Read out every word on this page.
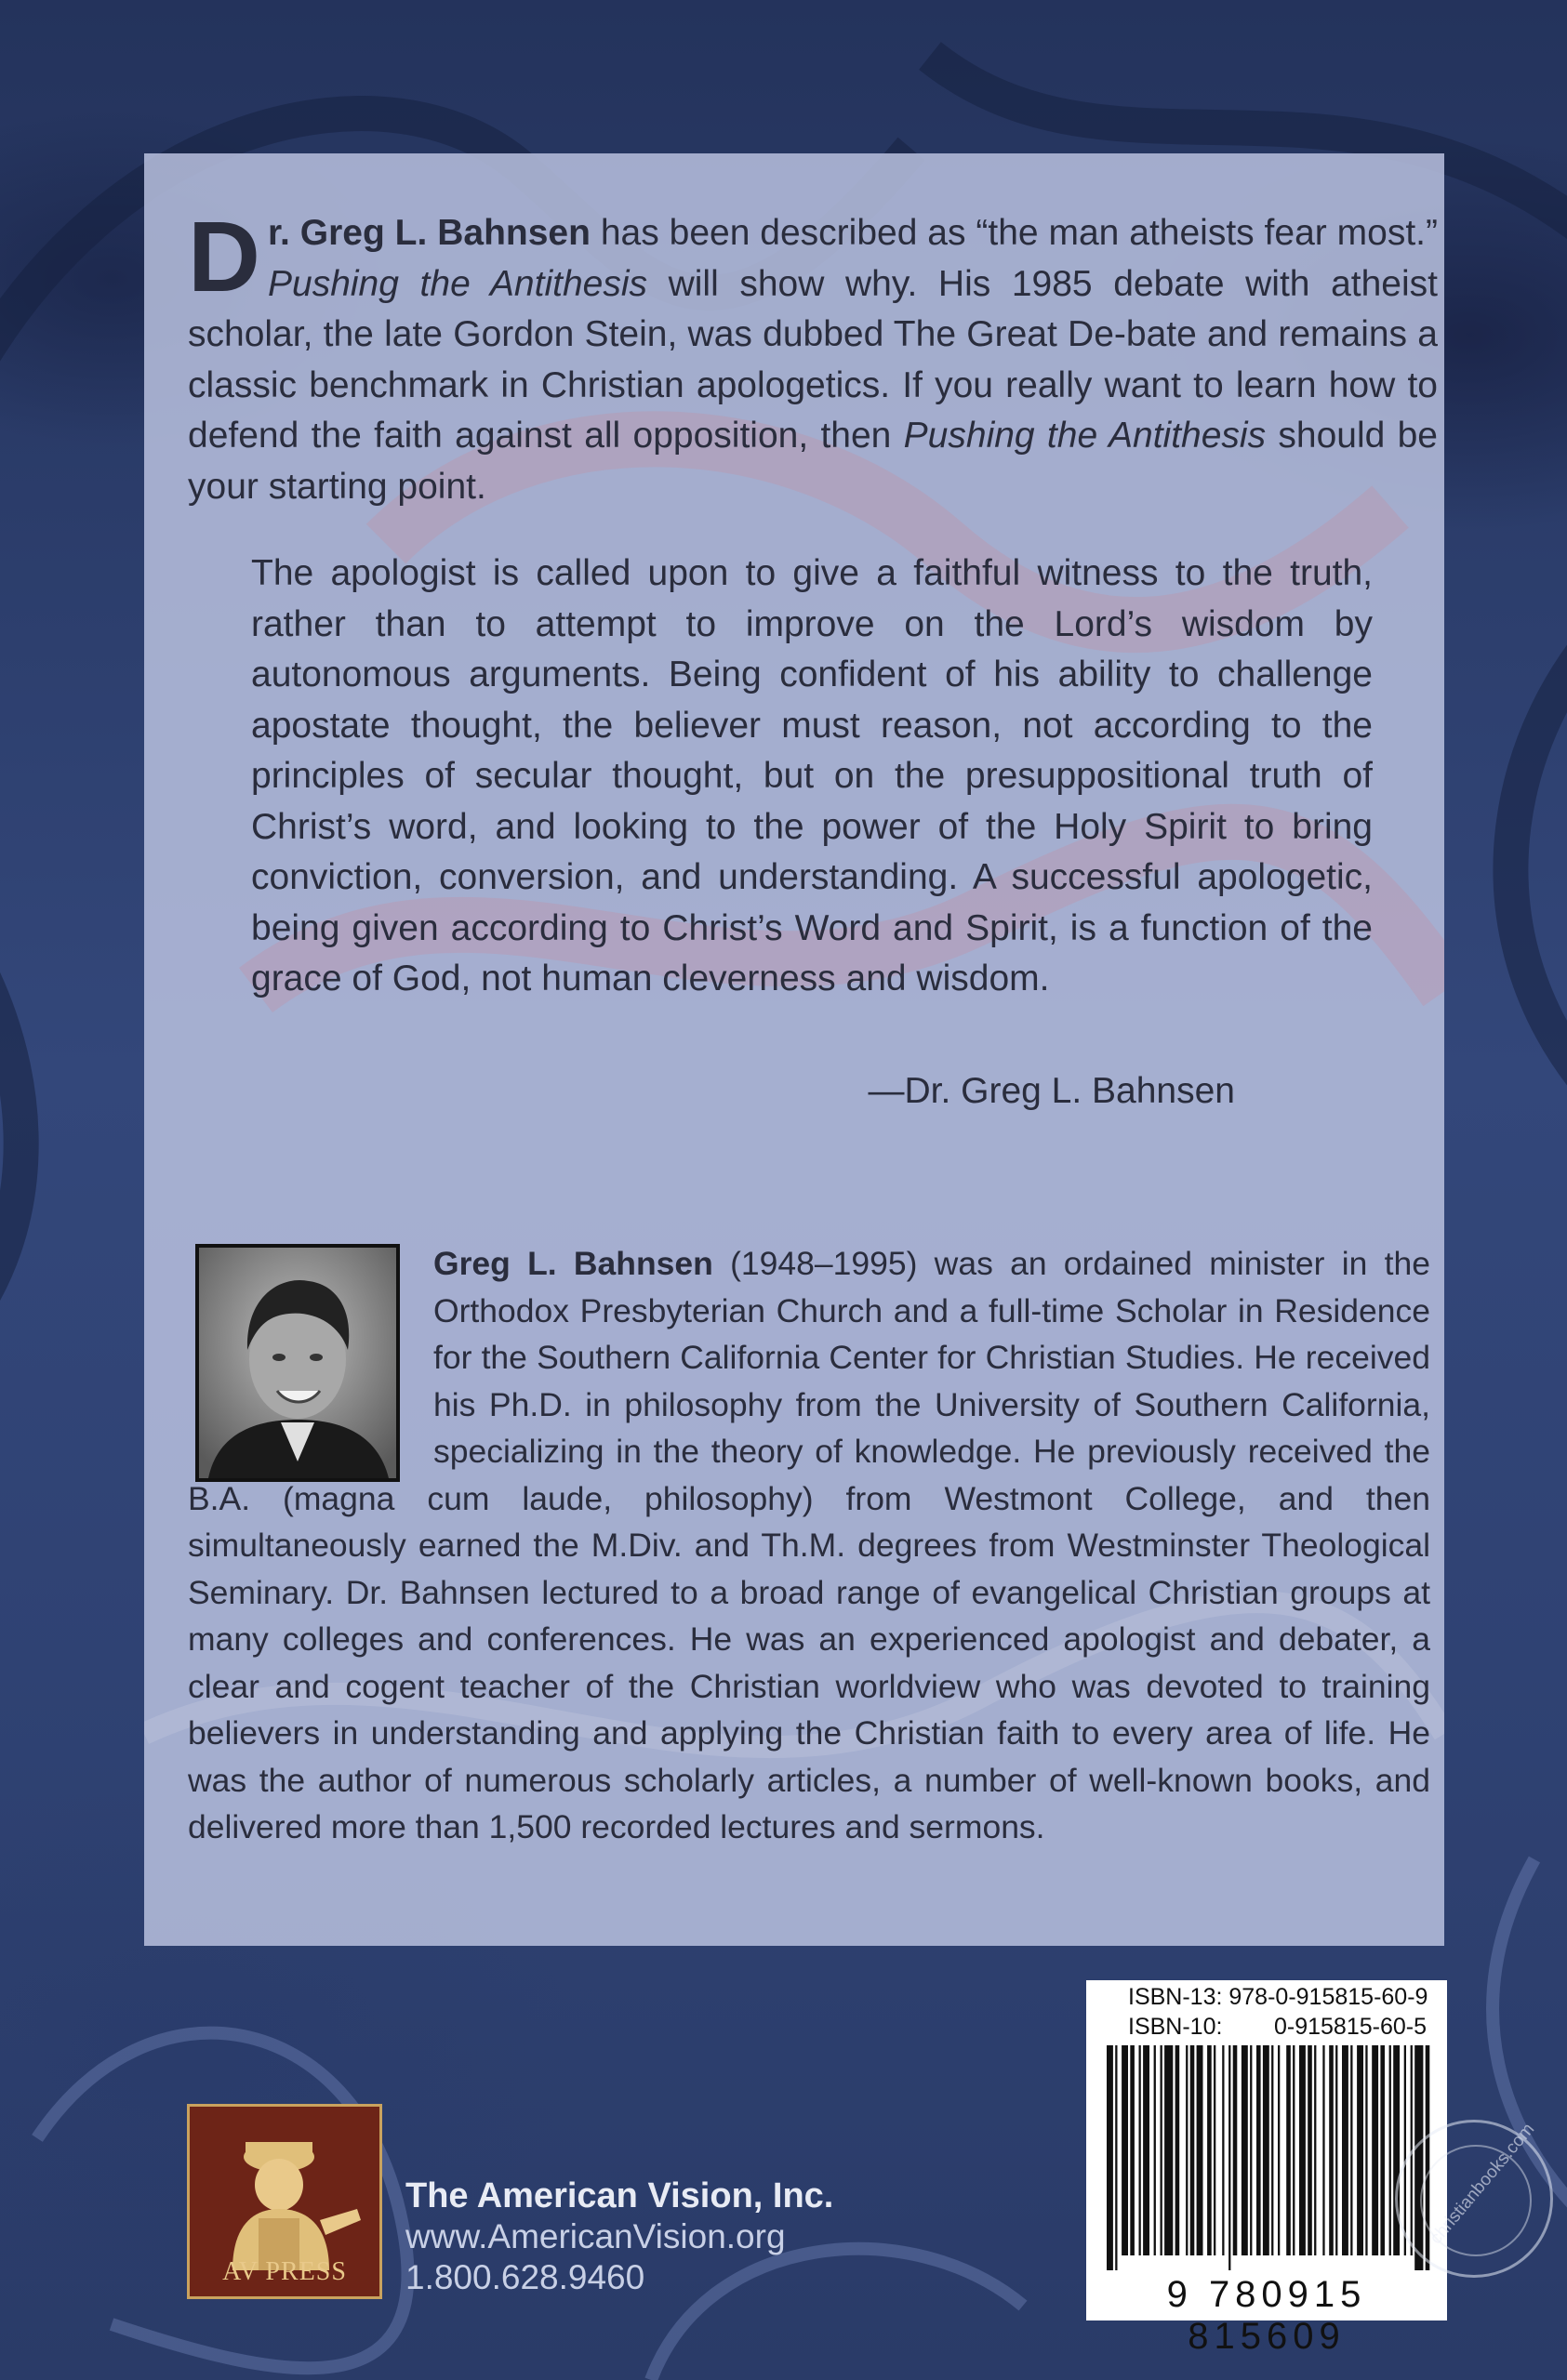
Dr. Greg L. Bahnsen has been described as “the man atheists fear most.” Pushing the Antithesis will show why. His 1985 debate with atheist scholar, the late Gordon Stein, was dubbed The Great De-bate and remains a classic benchmark in Christian apologetics. If you really want to learn how to defend the faith against all opposition, then Pushing the Antithesis should be your starting point.

The apologist is called upon to give a faithful witness to the truth, rather than to attempt to improve on the Lord’s wisdom by autonomous arguments. Being confident of his ability to challenge apostate thought, the believer must reason, not according to the principles of secular thought, but on the presuppositional truth of Christ’s word, and looking to the power of the Holy Spirit to bring conviction, conversion, and understanding. A successful apologetic, being given according to Christ’s Word and Spirit, is a function of the grace of God, not human cleverness and wisdom.

—Dr. Greg L. Bahnsen

Greg L. Bahnsen (1948–1995) was an ordained minister in the Orthodox Presbyterian Church and a full-time Scholar in Residence for the Southern California Center for Christian Studies. He received his Ph.D. in philosophy from the University of Southern California, specializing in the theory of knowledge. He previously received the B.A. (magna cum laude, philosophy) from Westmont College, and then simultaneously earned the M.Div. and Th.M. degrees from Westminster Theological Seminary. Dr. Bahnsen lectured to a broad range of evangelical Christian groups at many colleges and conferences. He was an experienced apologist and debater, a clear and cogent teacher of the Christian worldview who was devoted to training believers in understanding and applying the Christian faith to every area of life. He was the author of numerous scholarly articles, a number of well-known books, and delivered more than 1,500 recorded lectures and sermons.

AV PRESS

The American Vision, Inc.

www.AmericanVision.org

1.800.628.9460

ISBN-13: 978-0-915815-60-9
ISBN-10:        0-915815-60-5
9 780915 815609
christianbooks.com
